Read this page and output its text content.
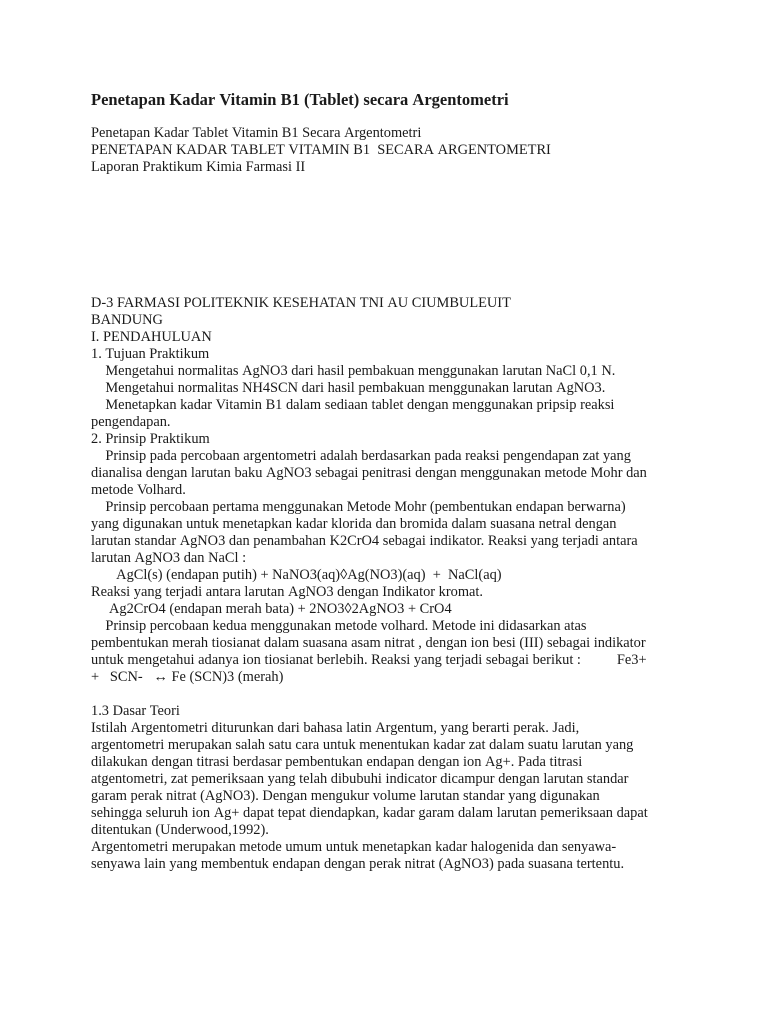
Penetapan Kadar Vitamin B1 (Tablet) secara Argentometri
Penetapan Kadar Tablet Vitamin B1 Secara Argentometri
PENETAPAN KADAR TABLET VITAMIN B1  SECARA ARGENTOMETRI
Laporan Praktikum Kimia Farmasi II
D-3 FARMASI POLITEKNIK KESEHATAN TNI AU CIUMBULEUIT
BANDUNG
I. PENDAHULUAN
1. Tujuan Praktikum
Mengetahui normalitas AgNO3 dari hasil pembakuan menggunakan larutan NaCl 0,1 N.
Mengetahui normalitas NH4SCN dari hasil pembakuan menggunakan larutan AgNO3.
Menetapkan kadar Vitamin B1 dalam sediaan tablet dengan menggunakan pripsip reaksi
pengendapan.
2. Prinsip Praktikum
Prinsip pada percobaan argentometri adalah berdasarkan pada reaksi pengendapan zat yang
dianalisa dengan larutan baku AgNO3 sebagai penitrasi dengan menggunakan metode Mohr dan
metode Volhard.
Prinsip percobaan pertama menggunakan Metode Mohr (pembentukan endapan berwarna)
yang digunakan untuk menetapkan kadar klorida dan bromida dalam suasana netral dengan
larutan standar AgNO3 dan penambahan K2CrO4 sebagai indikator. Reaksi yang terjadi antara
larutan AgNO3 dan NaCl :
AgCl(s) (endapan putih) + NaNO3(aq)◊Ag(NO3)(aq)  +  NaCl(aq)
Reaksi yang terjadi antara larutan AgNO3 dengan Indikator kromat.
Ag2CrO4 (endapan merah bata) + 2NO3◊2AgNO3 + CrO4
Prinsip percobaan kedua menggunakan metode volhard. Metode ini didasarkan atas
pembentukan merah tiosianat dalam suasana asam nitrat , dengan ion besi (III) sebagai indikator
untuk mengetahui adanya ion tiosianat berlebih. Reaksi yang terjadi sebagai berikut :          Fe3+
+   SCN-   ↔ Fe (SCN)3 (merah)
1.3 Dasar Teori
Istilah Argentometri diturunkan dari bahasa latin Argentum, yang berarti perak. Jadi,
argentometri merupakan salah satu cara untuk menentukan kadar zat dalam suatu larutan yang
dilakukan dengan titrasi berdasar pembentukan endapan dengan ion Ag+. Pada titrasi
atgentometri, zat pemeriksaan yang telah dibubuhi indicator dicampur dengan larutan standar
garam perak nitrat (AgNO3). Dengan mengukur volume larutan standar yang digunakan
sehingga seluruh ion Ag+ dapat tepat diendapkan, kadar garam dalam larutan pemeriksaan dapat
ditentukan (Underwood,1992).
Argentometri merupakan metode umum untuk menetapkan kadar halogenida dan senyawa-
senyawa lain yang membentuk endapan dengan perak nitrat (AgNO3) pada suasana tertentu.
